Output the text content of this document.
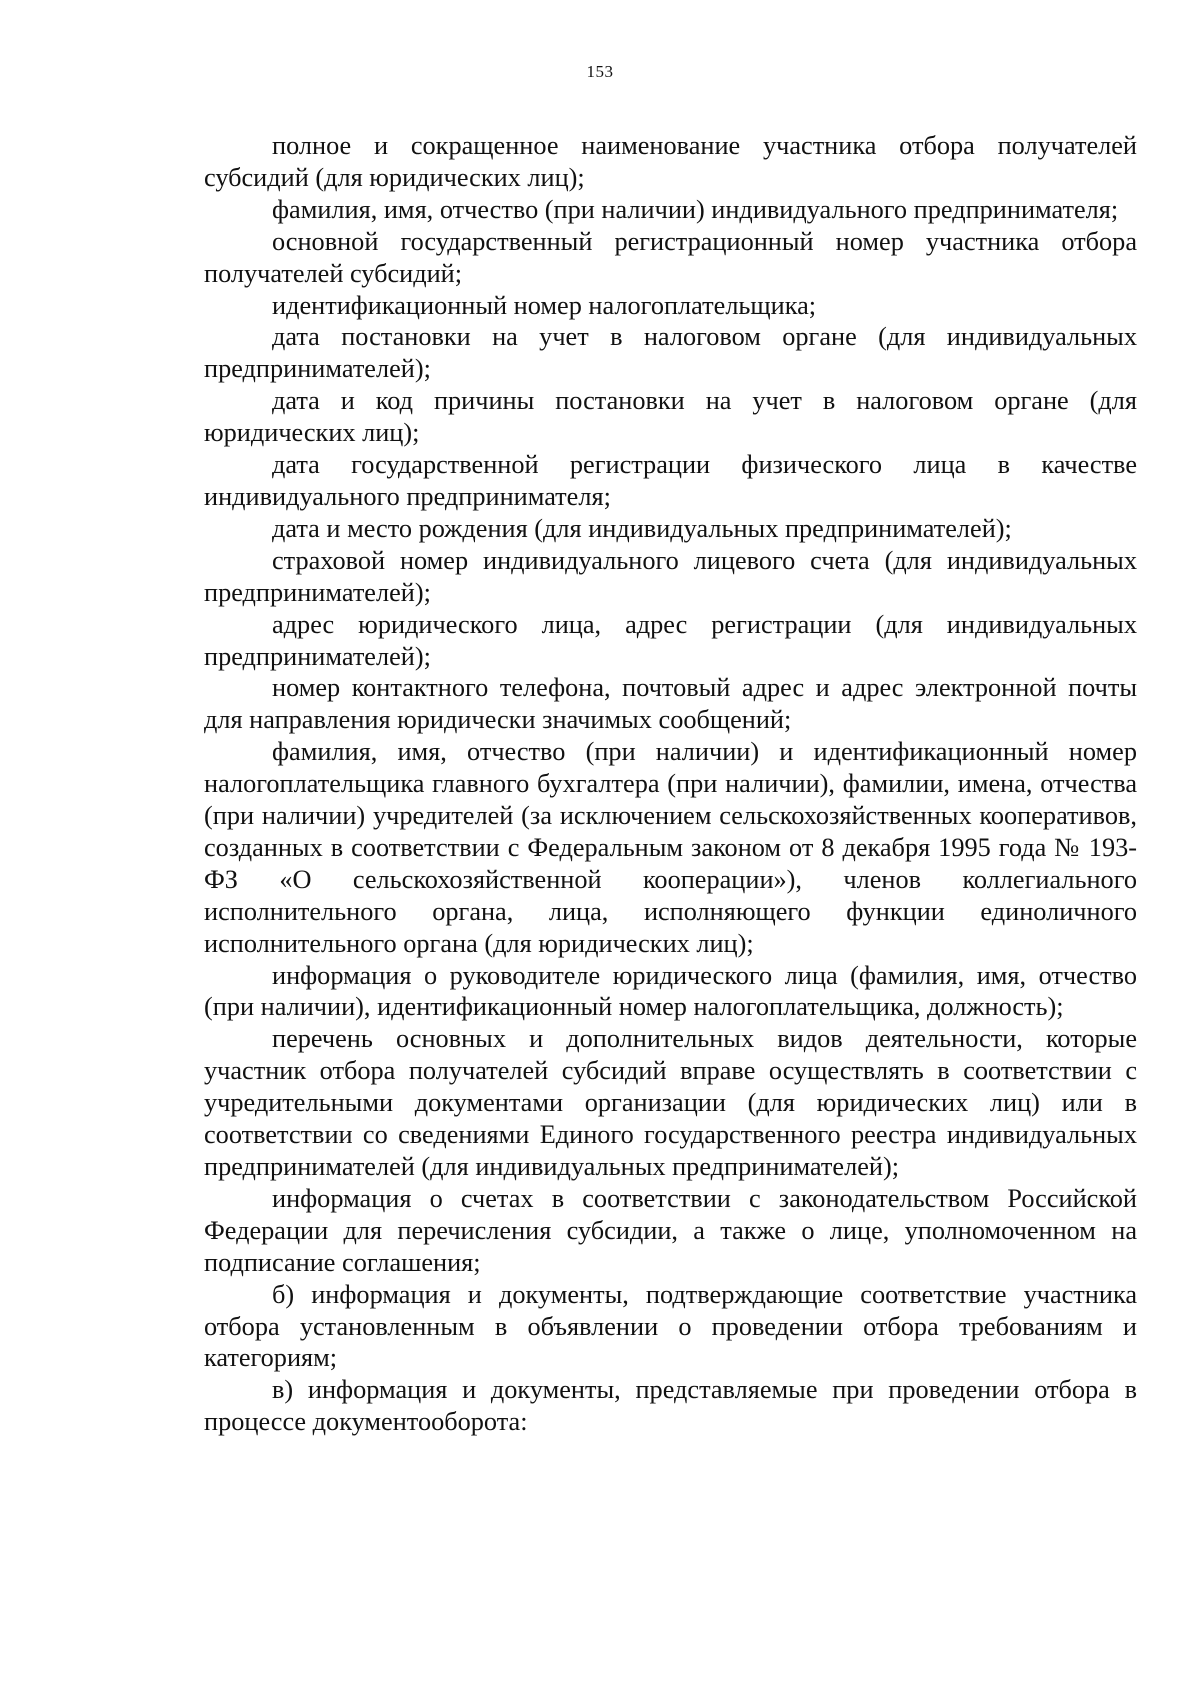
153

полное и сокращенное наименование участника отбора получателей субсидий (для юридических лиц);

фамилия, имя, отчество (при наличии) индивидуального предпринимателя;

основной государственный регистрационный номер участника отбора получателей субсидий;

идентификационный номер налогоплательщика;

дата постановки на учет в налоговом органе (для индивидуальных предпринимателей);

дата и код причины постановки на учет в налоговом органе (для юридических лиц);

дата государственной регистрации физического лица в качестве индивидуального предпринимателя;

дата и место рождения (для индивидуальных предпринимателей);

страховой номер индивидуального лицевого счета (для индивидуальных предпринимателей);

адрес юридического лица, адрес регистрации (для индивидуальных предпринимателей);

номер контактного телефона, почтовый адрес и адрес электронной почты для направления юридически значимых сообщений;

фамилия, имя, отчество (при наличии) и идентификационный номер налогоплательщика главного бухгалтера (при наличии), фамилии, имена, отчества (при наличии) учредителей (за исключением сельскохозяйственных кооперативов, созданных в соответствии с Федеральным законом от 8 декабря 1995 года № 193-ФЗ «О сельскохозяйственной кооперации»), членов коллегиального исполнительного органа, лица, исполняющего функции единоличного исполнительного органа (для юридических лиц);

информация о руководителе юридического лица (фамилия, имя, отчество (при наличии), идентификационный номер налогоплательщика, должность);

перечень основных и дополнительных видов деятельности, которые участник отбора получателей субсидий вправе осуществлять в соответствии с учредительными документами организации (для юридических лиц) или в соответствии со сведениями Единого государственного реестра индивидуальных предпринимателей (для индивидуальных предпринимателей);

информация о счетах в соответствии с законодательством Российской Федерации для перечисления субсидии, а также о лице, уполномоченном на подписание соглашения;

б) информация и документы, подтверждающие соответствие участника отбора установленным в объявлении о проведении отбора требованиям и категориям;

в) информация и документы, представляемые при проведении отбора в процессе документооборота:
